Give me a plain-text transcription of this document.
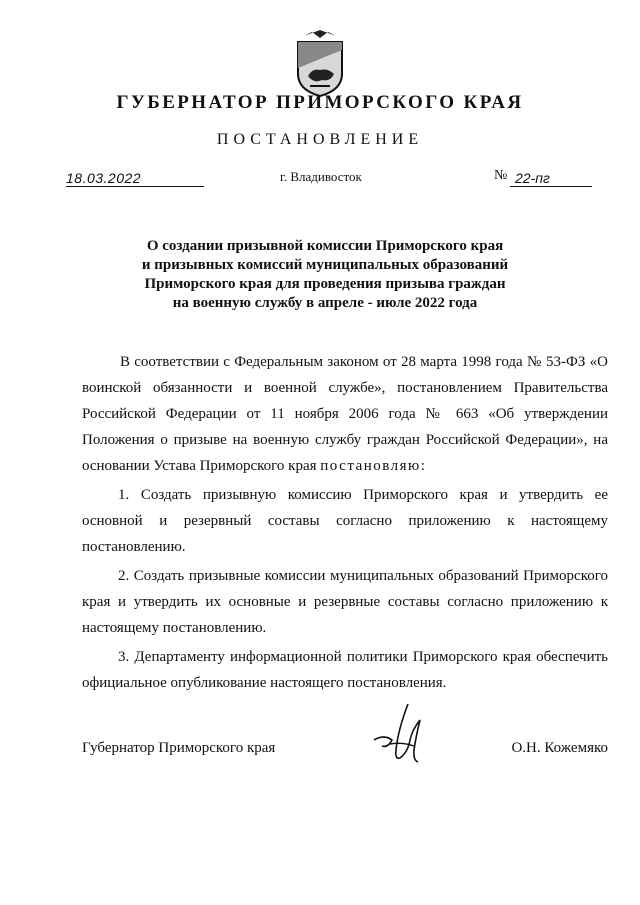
ГУБЕРНАТОР ПРИМОРСКОГО КРАЯ
ПОСТАНОВЛЕНИЕ
18.03.2022	г. Владивосток	№ 22-пг

О создании призывной комиссии Приморского края
и призывных комиссий муниципальных образований
Приморского края для проведения призыва граждан
на военную службу в апреле - июле 2022 года

В соответствии с Федеральным законом от 28 марта 1998 года № 53-ФЗ «О воинской обязанности и военной службе», постановлением Правительства Российской Федерации от 11 ноября 2006 года № 663 «Об утверждении Положения о призыве на военную службу граждан Российской Федерации», на основании Устава Приморского края постановляю:

1. Создать призывную комиссию Приморского края и утвердить ее основной и резервный составы согласно приложению к настоящему постановлению.

2. Создать призывные комиссии муниципальных образований Приморского края и утвердить их основные и резервные составы согласно приложению к настоящему постановлению.

3. Департаменту информационной политики Приморского края обеспечить официальное опубликование настоящего постановления.

Губернатор Приморского края	О.Н. Кожемяко
